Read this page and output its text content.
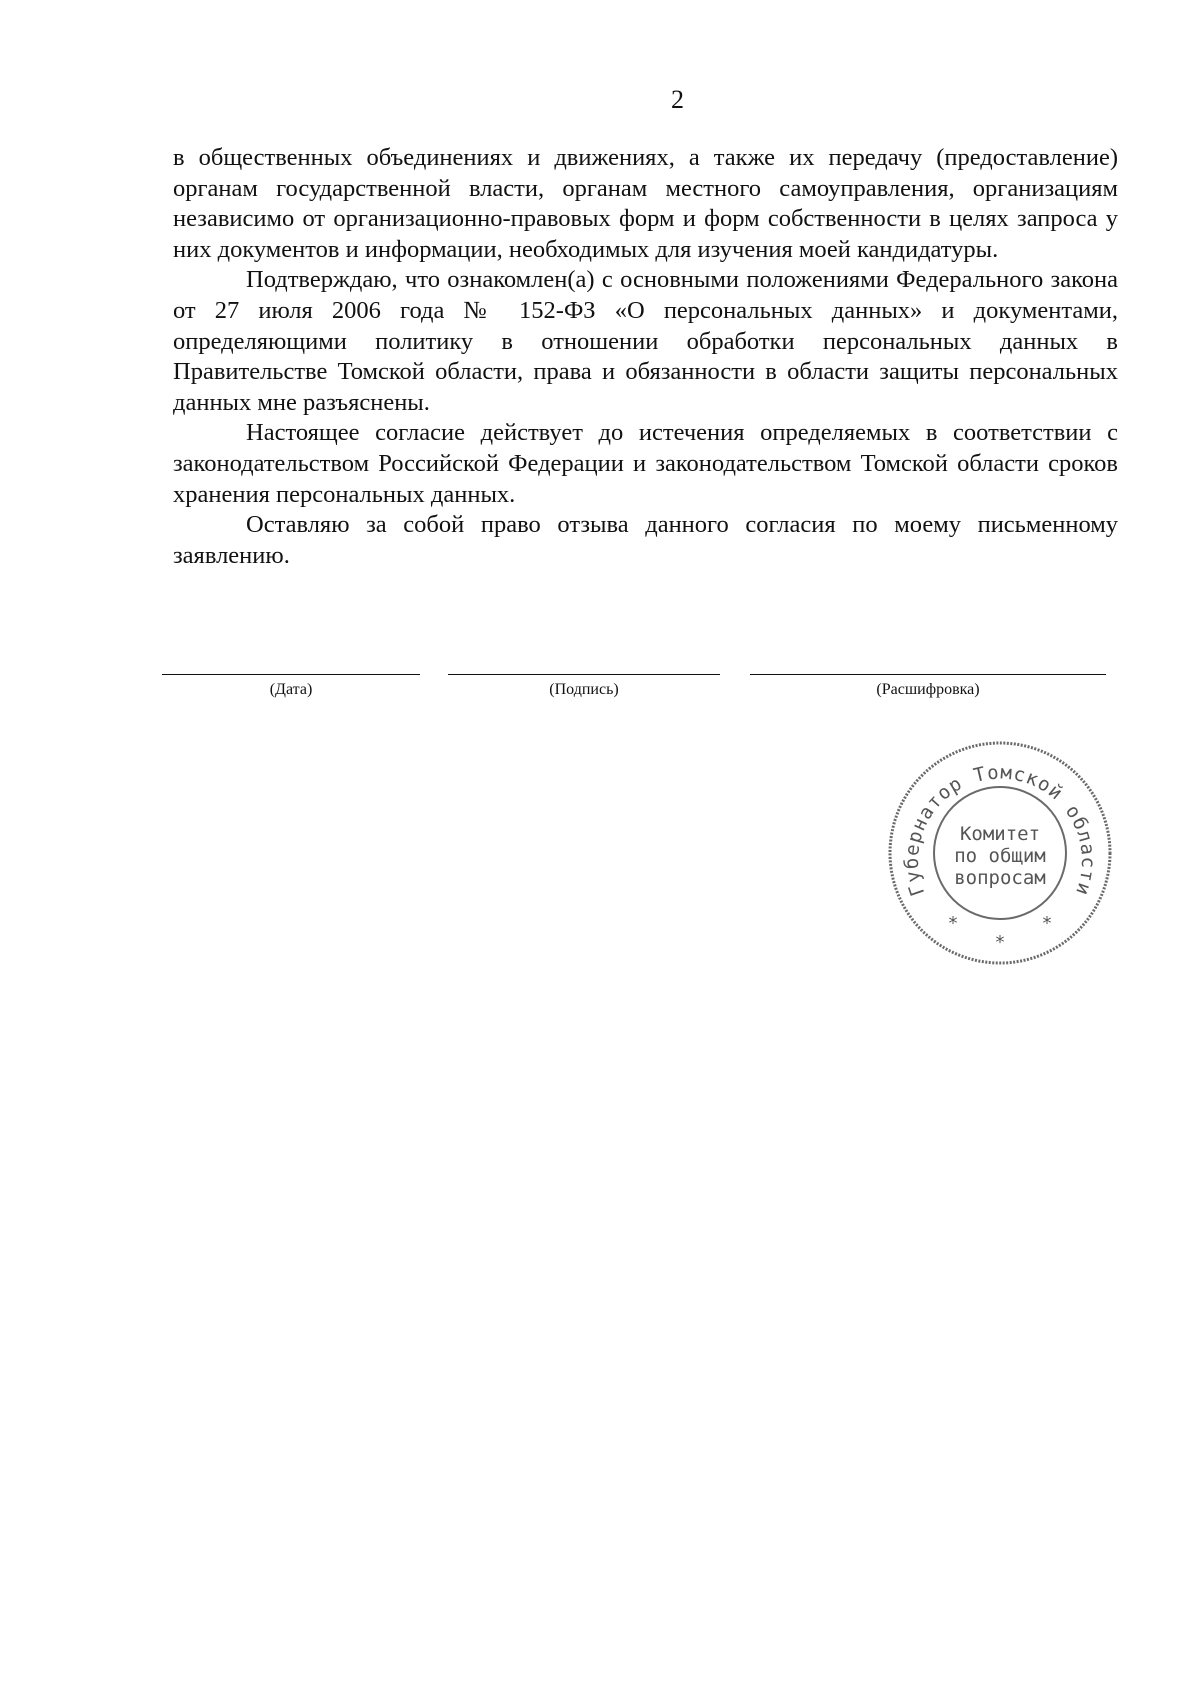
2

в общественных объединениях и движениях, а также их передачу (предоставление) органам государственной власти, органам местного самоуправления, организациям независимо от организационно-правовых форм и форм собственности в целях запроса у них документов и информации, необходимых для изучения моей кандидатуры.

Подтверждаю, что ознакомлен(а) с основными положениями Федерального закона от 27 июля 2006 года № 152-ФЗ «О персональных данных» и документами, определяющими политику в отношении обработки персональных данных в Правительстве Томской области, права и обязанности в области защиты персональных данных мне разъяснены.

Настоящее согласие действует до истечения определяемых в соответствии с законодательством Российской Федерации и законодательством Томской области сроков хранения персональных данных.

Оставляю за собой право отзыва данного согласия по моему письменному заявлению.

(Дата)	(Подпись)	(Расшифровка)
Губернатор Томской области
Комитет
по общим
вопросам
*
*
*
